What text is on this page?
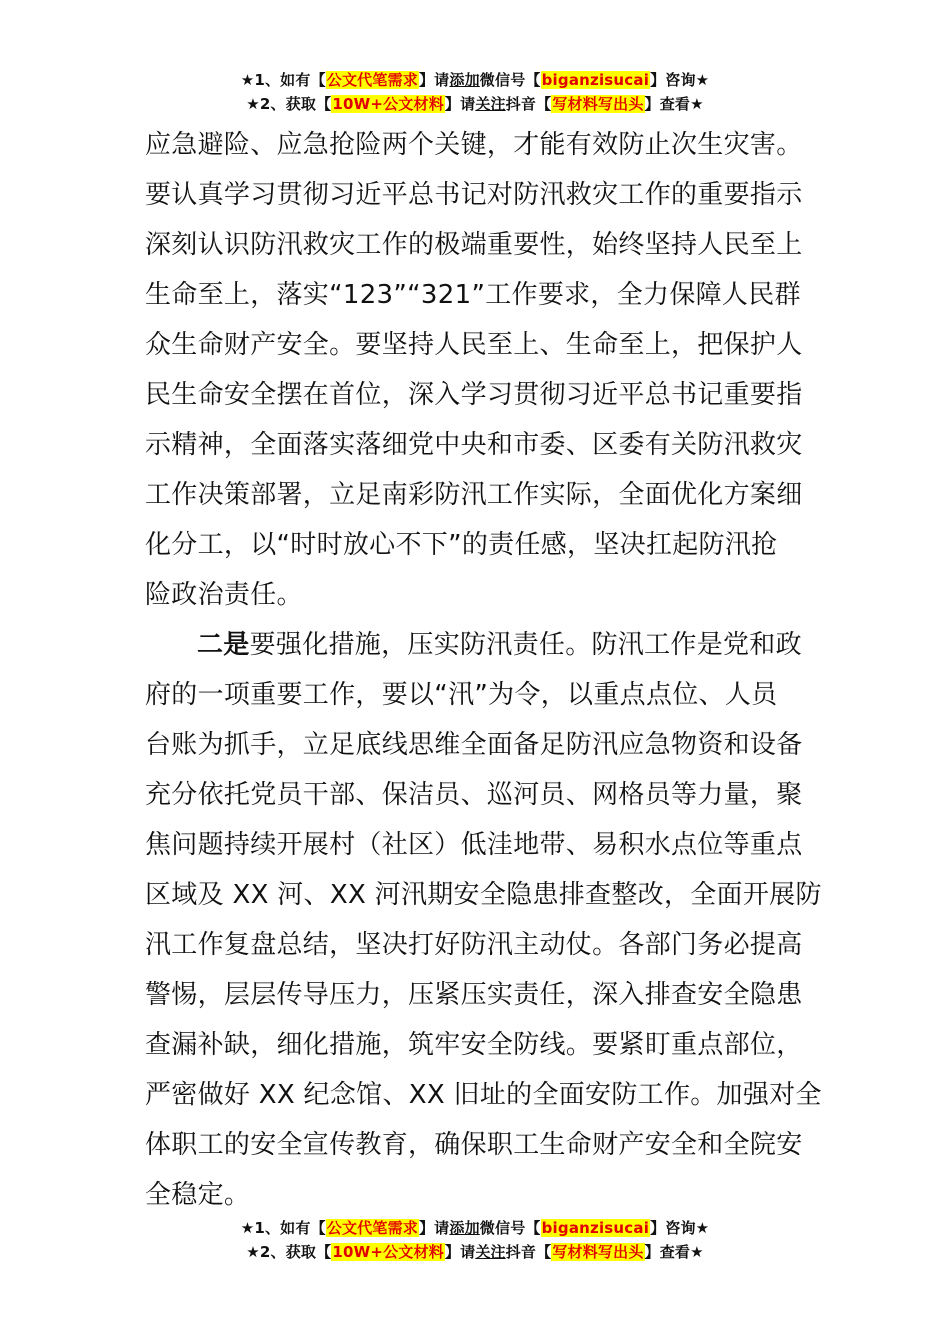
★1、如有【公文代笔需求】请添加微信号【biganzisucai】咨询★
★2、获取【10W+公文材料】请关注抖音【写材料写出头】查看★
应急避险、应急抢险两个关键，才能有效防止次生灾害。
要认真学习贯彻习近平总书记对防汛救灾工作的重要指示
深刻认识防汛救灾工作的极端重要性，始终坚持人民至上
生命至上，落实“123”“321”工作要求，全力保障人民群
众生命财产安全。要坚持人民至上、生命至上，把保护人
民生命安全摆在首位，深入学习贯彻习近平总书记重要指
示精神，全面落实落细党中央和市委、区委有关防汛救灾
工作决策部署，立足南彩防汛工作实际，全面优化方案细
化分工，以“时时放心不下”的责任感，坚决扛起防汛抢
险政治责任。
二是要强化措施，压实防汛责任。防汛工作是党和政
府的一项重要工作，要以“汛”为令，以重点点位、人员
台账为抓手，立足底线思维全面备足防汛应急物资和设备
充分依托党员干部、保洁员、巡河员、网格员等力量，聚
焦问题持续开展村（社区）低洼地带、易积水点位等重点
区域及 XX 河、XX 河汛期安全隐患排查整改，全面开展防
汛工作复盘总结，坚决打好防汛主动仗。各部门务必提高
警惕，层层传导压力，压紧压实责任，深入排查安全隐患
查漏补缺，细化措施，筑牢安全防线。要紧盯重点部位，
严密做好 XX 纪念馆、XX 旧址的全面安防工作。加强对全
体职工的安全宣传教育，确保职工生命财产安全和全院安
全稳定。
★1、如有【公文代笔需求】请添加微信号【biganzisucai】咨询★
★2、获取【10W+公文材料】请关注抖音【写材料写出头】查看★
